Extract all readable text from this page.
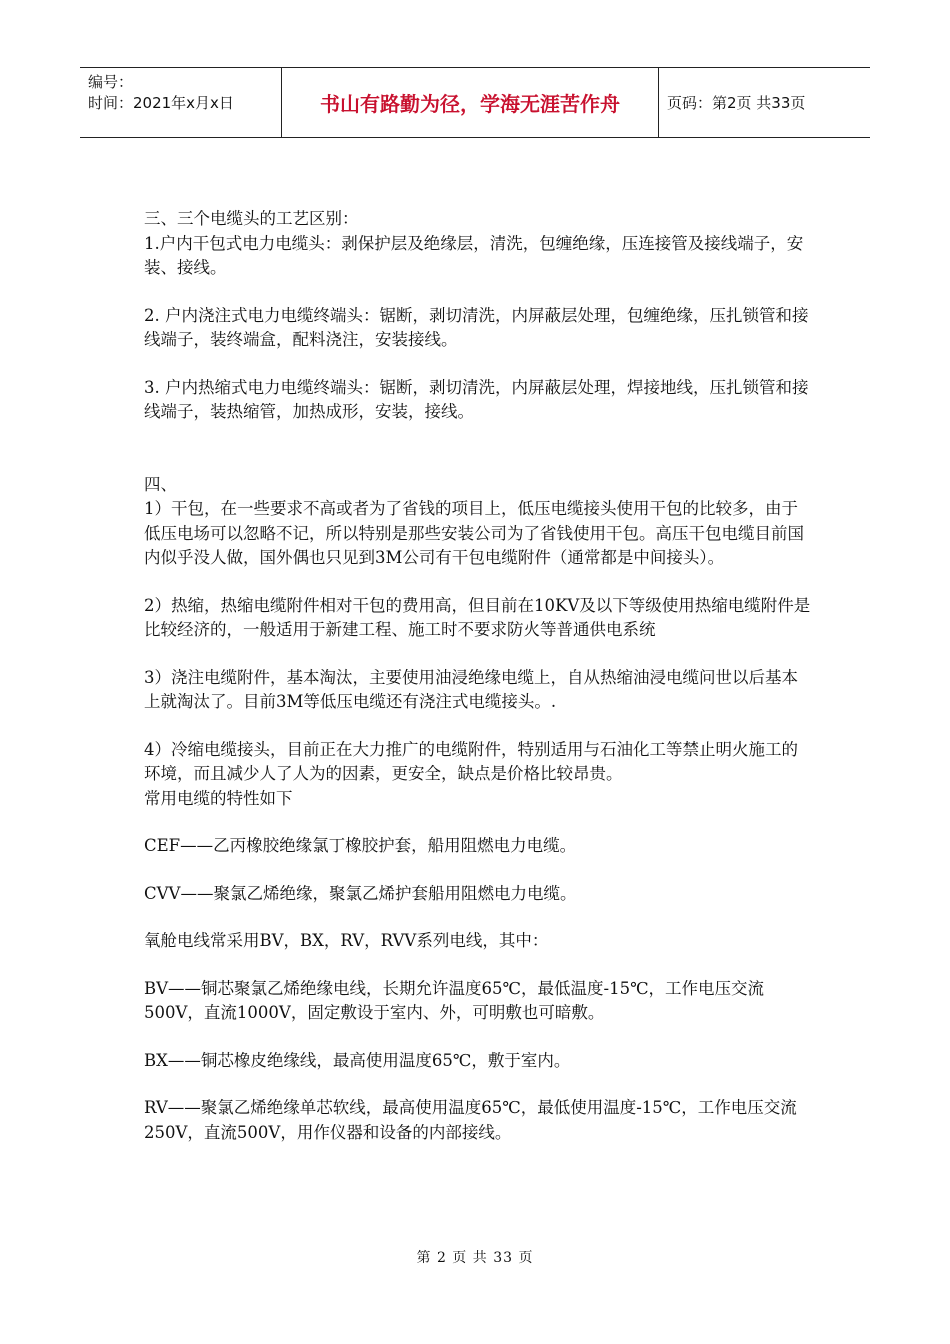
编号：
时间：2021年x月x日	书山有路勤为径，学海无涯苦作舟	页码：第2页 共33页

三、三个电缆头的工艺区别：

1.户内干包式电力电缆头：剥保护层及绝缘层，清洗，包缠绝缘，压连接管及接线端子，安装、接线。

2. 户内浇注式电力电缆终端头：锯断，剥切清洗，内屏蔽层处理，包缠绝缘，压扎锁管和接线端子，装终端盒，配料浇注，安装接线。

3. 户内热缩式电力电缆终端头：锯断，剥切清洗，内屏蔽层处理，焊接地线，压扎锁管和接线端子，装热缩管，加热成形，安装，接线。

四、

1）干包，在一些要求不高或者为了省钱的项目上，低压电缆接头使用干包的比较多，由于低压电场可以忽略不记，所以特别是那些安装公司为了省钱使用干包。高压干包电缆目前国内似乎没人做，国外偶也只见到3M公司有干包电缆附件（通常都是中间接头）。

2）热缩，热缩电缆附件相对干包的费用高，但目前在10KV及以下等级使用热缩电缆附件是比较经济的，一般适用于新建工程、施工时不要求防火等普通供电系统

3）浇注电缆附件，基本淘汰，主要使用油浸绝缘电缆上，自从热缩油浸电缆问世以后基本上就淘汰了。目前3M等低压电缆还有浇注式电缆接头。.

4）冷缩电缆接头，目前正在大力推广的电缆附件，特别适用与石油化工等禁止明火施工的环境，而且减少人了人为的因素，更安全，缺点是价格比较昂贵。

常用电缆的特性如下

CEF——乙丙橡胶绝缘氯丁橡胶护套，船用阻燃电力电缆。

CVV——聚氯乙烯绝缘，聚氯乙烯护套船用阻燃电力电缆。

氧舱电线常采用BV，BX，RV，RVV系列电线，其中：

BV——铜芯聚氯乙烯绝缘电线，长期允许温度65℃，最低温度-15℃，工作电压交流500V，直流1000V，固定敷设于室内、外，可明敷也可暗敷。

BX——铜芯橡皮绝缘线，最高使用温度65℃，敷于室内。

RV——聚氯乙烯绝缘单芯软线，最高使用温度65℃，最低使用温度-15℃，工作电压交流250V，直流500V，用作仪器和设备的内部接线。

第 2 页 共 33 页
